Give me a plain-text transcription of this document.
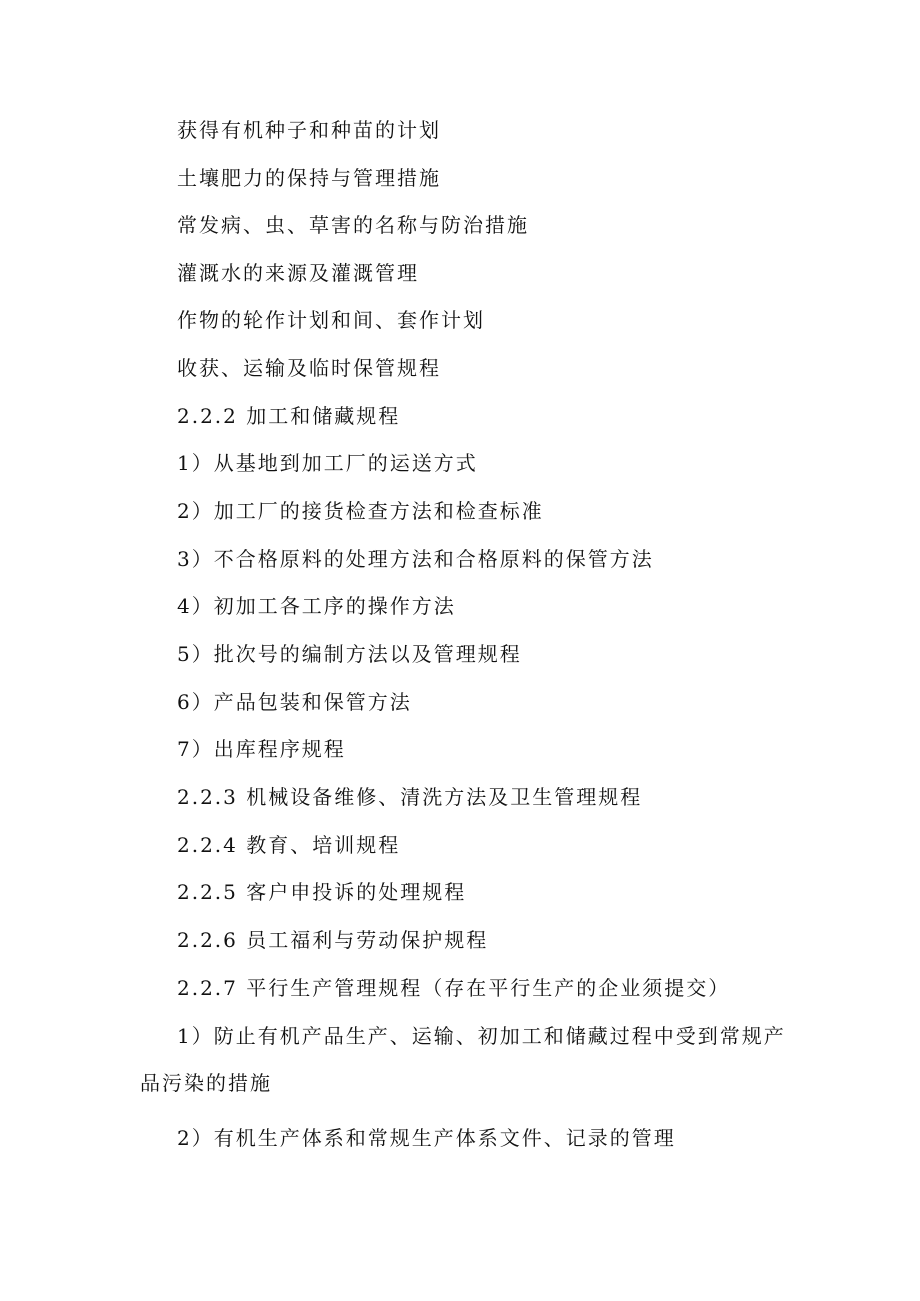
获得有机种子和种苗的计划
土壤肥力的保持与管理措施
常发病、虫、草害的名称与防治措施
灌溉水的来源及灌溉管理
作物的轮作计划和间、套作计划
收获、运输及临时保管规程
2.2.2 加工和储藏规程
1）从基地到加工厂的运送方式
2）加工厂的接货检查方法和检查标准
3）不合格原料的处理方法和合格原料的保管方法
4）初加工各工序的操作方法
5）批次号的编制方法以及管理规程
6）产品包装和保管方法
7）出库程序规程
2.2.3 机械设备维修、清洗方法及卫生管理规程
2.2.4 教育、培训规程
2.2.5 客户申投诉的处理规程
2.2.6 员工福利与劳动保护规程
2.2.7 平行生产管理规程（存在平行生产的企业须提交）
1）防止有机产品生产、运输、初加工和储藏过程中受到常规产
品污染的措施
2）有机生产体系和常规生产体系文件、记录的管理
